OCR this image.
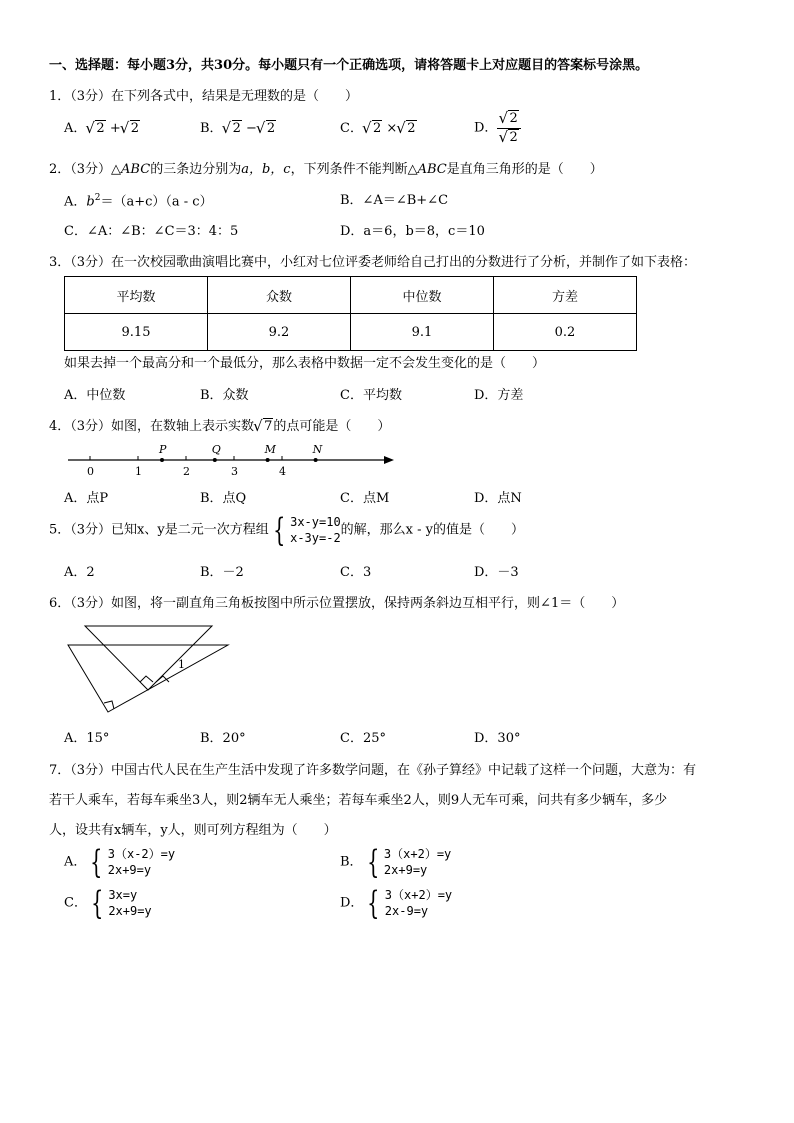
一、选择题：每小题3分，共30分。每小题只有一个正确选项，请将答题卡上对应题目的答案标号涂黑。
1．（3分）在下列各式中，结果是无理数的是（　　）
A． √ 2 + √ 2	B． √ 2 − √ 2	C． √ 2 × √ 2	D． √ 2
√ 2
2．（3分）△ABC的三条边分别为a，b，c，下列条件不能判断△ABC是直角三角形的是（　　）
A．$b^2=(a+c)(a - c)$	B．∠A＝∠B+∠C
C．∠A：∠B：∠C＝3：4：5	D．a＝6，b＝8，c＝10
3．（3分）在一次校园歌曲演唱比赛中，小红对七位评委老师给自己打出的分数进行了分析，并制作了如下表格：
平均数	众数	中位数	方差
9.15	9.2	9.1	0.2
如果去掉一个最高分和一个最低分，那么表格中数据一定不会发生变化的是（　　）
A．中位数	B．众数	C．平均数	D．方差
4．（3分）如图，在数轴上表示实数 √ 7的点可能是（　　）
0	1	2	3	4
P	Q	M	N
A．点P	B．点Q	C．点M	D．点N
5．（3分）已知x、y是二元一次方程组 { 3x-y=10
x-3y=-2
的解，那么x - y的值是（　　）
A．2	B．－2	C．3	D．－3
6．（3分）如图，将一副直角三角板按图中所示位置摆放，保持两条斜边互相平行，则∠1＝（　　）
1
A．15°	B．20°	C．25°	D．30°
7．（3分）中国古代人民在生产生活中发现了许多数学问题，在《孙子算经》中记载了这样一个问题，大意为：有
若干人乘车，若每车乘坐3人，则2辆车无人乘坐；若每车乘坐2人，则9人无车可乘，问共有多少辆车，多少
人，设共有x辆车，y人，则可列方程组为（　　）
A． { 3（x-2）=y
2x+9=y
B． { 3（x+2）=y
2x+9=y
C． { 3x=y
2x+9=y
D． { 3（x+2）=y
2x-9=y
